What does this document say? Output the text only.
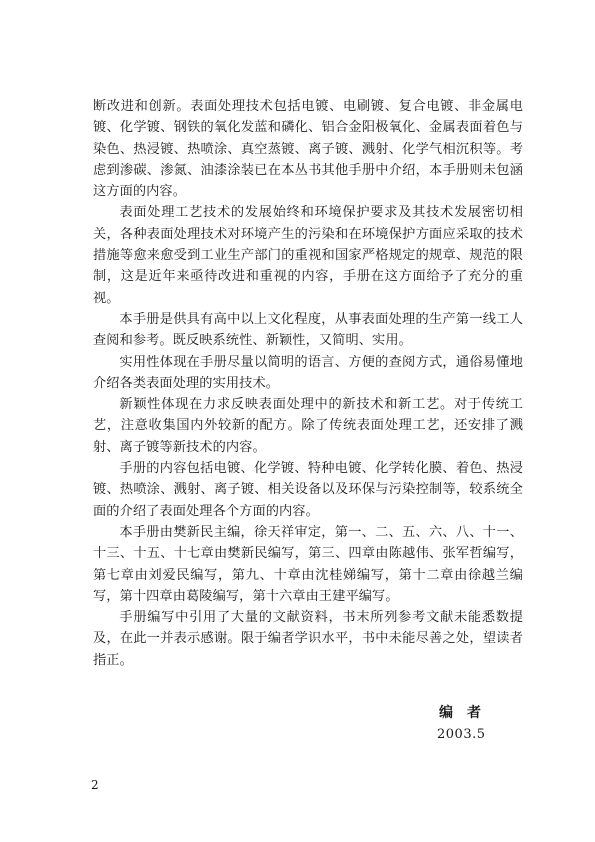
断改进和创新。表面处理技术包括电镀、电刷镀、复合电镀、非金属电镀、化学镀、钢铁的氧化发蓝和磷化、铝合金阳极氧化、金属表面着色与染色、热浸镀、热喷涂、真空蒸镀、离子镀、溅射、化学气相沉积等。考虑到渗碳、渗氮、油漆涂装已在本丛书其他手册中介绍，本手册则未包涵这方面的内容。

表面处理工艺技术的发展始终和环境保护要求及其技术发展密切相关，各种表面处理技术对环境产生的污染和在环境保护方面应采取的技术措施等愈来愈受到工业生产部门的重视和国家严格规定的规章、规范的限制，这是近年来亟待改进和重视的内容，手册在这方面给予了充分的重视。

本手册是供具有高中以上文化程度，从事表面处理的生产第一线工人查阅和参考。既反映系统性、新颖性，又简明、实用。

实用性体现在手册尽量以简明的语言、方便的查阅方式，通俗易懂地介绍各类表面处理的实用技术。

新颖性体现在力求反映表面处理中的新技术和新工艺。对于传统工艺，注意收集国内外较新的配方。除了传统表面处理工艺，还安排了溅射、离子镀等新技术的内容。

手册的内容包括电镀、化学镀、特种电镀、化学转化膜、着色、热浸镀、热喷涂、溅射、离子镀、相关设备以及环保与污染控制等，较系统全面的介绍了表面处理各个方面的内容。

本手册由樊新民主编，徐天祥审定，第一、二、五、六、八、十一、十三、十五、十七章由樊新民编写，第三、四章由陈越伟、张军哲编写，第七章由刘爱民编写，第九、十章由沈桂娣编写，第十二章由徐越兰编写，第十四章由葛陵编写，第十六章由王建平编写。

手册编写中引用了大量的文献资料，书末所列参考文献未能悉数提及，在此一并表示感谢。限于编者学识水平，书中未能尽善之处，望读者指正。

编者
2003.5
2
